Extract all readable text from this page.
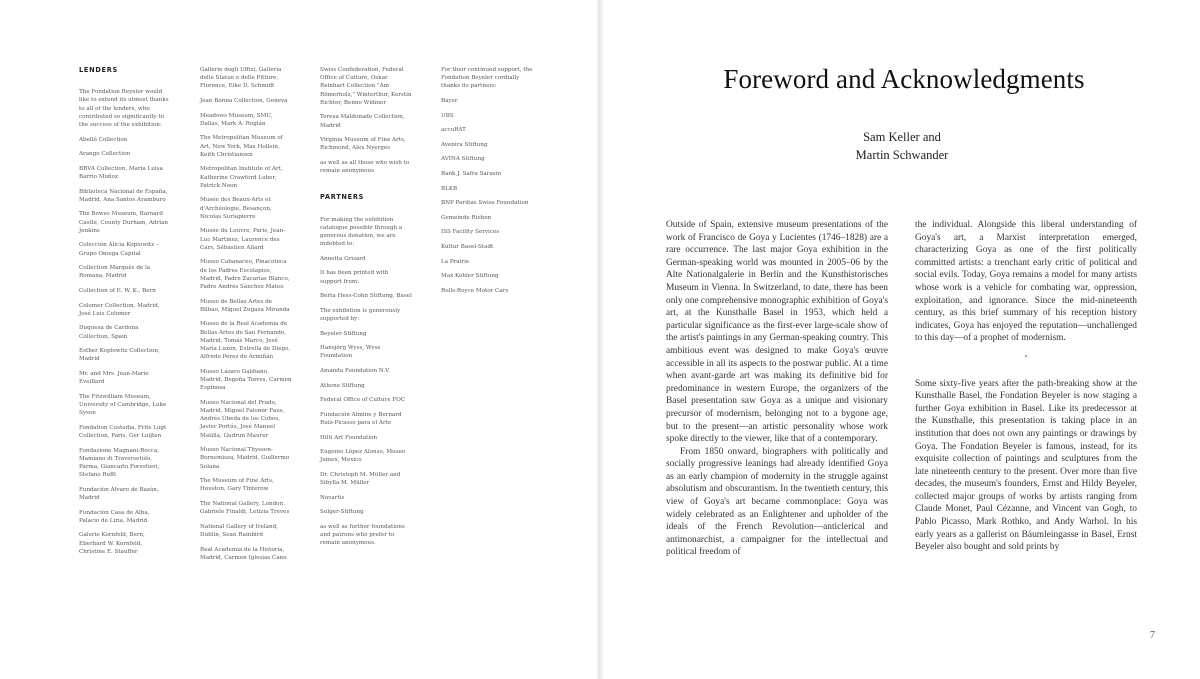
LENDERS
The Fondation Beyeler would like to extend its utmost thanks to all of the lenders, who contributed so significantly to the success of the exhibition:
Abelló Collection
Arango Collection
BBVA Collection, Maria Luisa Barrio Muñoz
Biblioteca Nacional de España, Madrid, Ana Santos Aramburo
The Bowes Museum, Barnard Castle, County Durham, Adrian Jenkins
Colección Alicia Koplowitz – Grupo Omega Capital
Collection Marquès de la Romana, Madrid
Collection of E. W. K., Bern
Colomer Collection, Madrid, José Luis Colomer
Duquesa de Cardona Collection, Spain
Esther Koplowitz Collection, Madrid
Mr. and Mrs. Jean-Marie Eveillard
The Fitzwilliam Museum, University of Cambridge, Luke Syson
Fondation Custodia, Frits Lugt Collection, Paris, Ger Luijten
Fondazione Magnani-Rocca, Mamiano di Traversetolo, Parma, Giancarlo Forestieri, Stefano Roffi
Fundación Álvaro de Bazán, Madrid
Fundación Casa de Alba, Palacio de Liria, Madrid
Galerie Kornfeld, Bern, Eberhard W. Kornfeld, Christine E. Stauffer
Gallerie degli Uffizi, Galleria delle Statue e delle Pitture, Florence, Eike D. Schmidt
Jean Bonna Collection, Geneva
Meadows Museum, SMU, Dallas, Mark A. Roglán
The Metropolitan Museum of Art, New York, Max Hollein, Keith Christiansen
Metropolitan Institute of Art, Katherine Crawford Luber, Patrick Noon
Musée des Beaux-Arts et d'Archéologie, Besançon, Nicolas Surlapierre
Musée du Louvre, Paris, Jean-Luc Martinez, Laurence des Cars, Sébastien Allard
Museo Cabanaceo, Pinacoteca de los Padres Escolapios, Madrid, Padre Zacarías Blanco, Padre Andrés Sánchez Mateo
Museo de Bellas Artes de Bilbao, Miguel Zugaza Miranda
Museo de la Real Academia de Bellas Artes de San Fernando, Madrid, Tomás Marco, José María Luzón, Estrella de Diego, Alfredo Pérez de Armiñán
Museo Lázaro Galdiano, Madrid, Begoña Torres, Carmen Espinosa
Museo Nacional del Prado, Madrid, Miguel Falomir Faus, Andrés Úbeda de los Cobos, Javier Portús, José Manuel Matilla, Gudrun Maurer
Museo Nacional Thyssen-Bornemisza, Madrid, Guillermo Solana
The Museum of Fine Arts, Houston, Gary Tinterow
The National Gallery, London, Gabriele Finaldi, Letizia Treves
National Gallery of Ireland, Dublin, Sean Rainbird
Real Academia de la Historia, Madrid, Carmen Iglesias Cano
Swiss Confederation, Federal Office of Culture, Oskar Reinhart Collection "Am Römerholz," Winterthur, Kerstin Richter, Benno Widmer
Teresa Maldonado Collection, Madrid
Virginia Museum of Fine Arts, Richmond, Alex Nyerges
as well as all those who wish to remain anonymous
PARTNERS
For making the exhibition catalogue possible through a generous donation, we are indebted to:
Annetta Grisard
It has been printed with support from:
Berta Hess-Cohn Stiftung, Basel
The exhibition is generously supported by:
Beyeler-Stiftung
Hansjörg Wyss, Wyss Foundation
Amanda Foundation N.V.
Athene Stiftung
Federal Office of Culture FOC
Fundación Almine y Bernard Ruiz-Picasso para el Arte
Hilti Art Foundation
Eugenio López Alonso, Museo Jumex, Mexico
Dr. Christoph M. Müller and Sibylla M. Müller
Novartis
Sulger-Stiftung
as well as further foundations and patrons who prefer to remain anonymous.
For their continued support, the Fondation Beyeler cordially thanks its partners:
Bayer
UBS
accuRAT
Avenira Stiftung
AVINA Stiftung
Bank J. Safra Sarasin
BLKB
BNP Paribas Swiss Foundation
Gemeinde Riehen
ISS Facility Services
Kultur Basel-Stadt
La Prairie
Max Kohler Stiftung
Rolls-Royce Motor Cars
Foreword and Acknowledgments
Sam Keller and
Martin Schwander

Outside of Spain, extensive museum presentations of the work of Francisco de Goya y Lucientes (1746–1828) are a rare occurrence. The last major Goya exhibition in the German-speaking world was mounted in 2005–06 by the Alte Nationalgalerie in Berlin and the Kunsthistorisches Museum in Vienna. In Switzerland, to date, there has been only one comprehensive monographic exhibition of Goya's art, at the Kunsthalle Basel in 1953, which held a particular significance as the first-ever large-scale show of the artist's paintings in any German-speaking country. This ambitious event was designed to make Goya's œuvre accessible in all its aspects to the postwar public. At a time when avant-garde art was making its definitive bid for predominance in western Europe, the organizers of the Basel presentation saw Goya as a unique and visionary precursor of modernism, belonging not to a bygone age, but to the present—an artistic personality whose work spoke directly to the viewer, like that of a contemporary.

From 1850 onward, biographers with politically and socially progressive leanings had already identified Goya as an early champion of modernity in the struggle against absolutism and obscurantism. In the twentieth century, this view of Goya's art became commonplace: Goya was widely celebrated as an Enlightener and upholder of the ideals of the French Revolution—anticlerical and antimonarchist, a campaigner for the intellectual and political freedom of

the individual. Alongside this liberal understanding of Goya's art, a Marxist interpretation emerged, characterizing Goya as one of the first politically committed artists: a trenchant early critic of political and social evils. Today, Goya remains a model for many artists whose work is a vehicle for combating war, oppression, exploitation, and ignorance. Since the mid-nineteenth century, as this brief summary of his reception history indicates, Goya has enjoyed the reputation—unchallenged to this day—of a prophet of modernism.

*

Some sixty-five years after the path-breaking show at the Kunsthalle Basel, the Fondation Beyeler is now staging a further Goya exhibition in Basel. Like its predecessor at the Kunsthalle, this presentation is taking place in an institution that does not own any paintings or drawings by Goya. The Fondation Beyeler is famous, instead, for its exquisite collection of paintings and sculptures from the late nineteenth century to the present. Over more than five decades, the museum's founders, Ernst and Hildy Beyeler, collected major groups of works by artists ranging from Claude Monet, Paul Cézanne, and Vincent van Gogh, to Pablo Picasso, Mark Rothko, and Andy Warhol. In his early years as a gallerist on Bäumleingasse in Basel, Ernst Beyeler also bought and sold prints by

7
